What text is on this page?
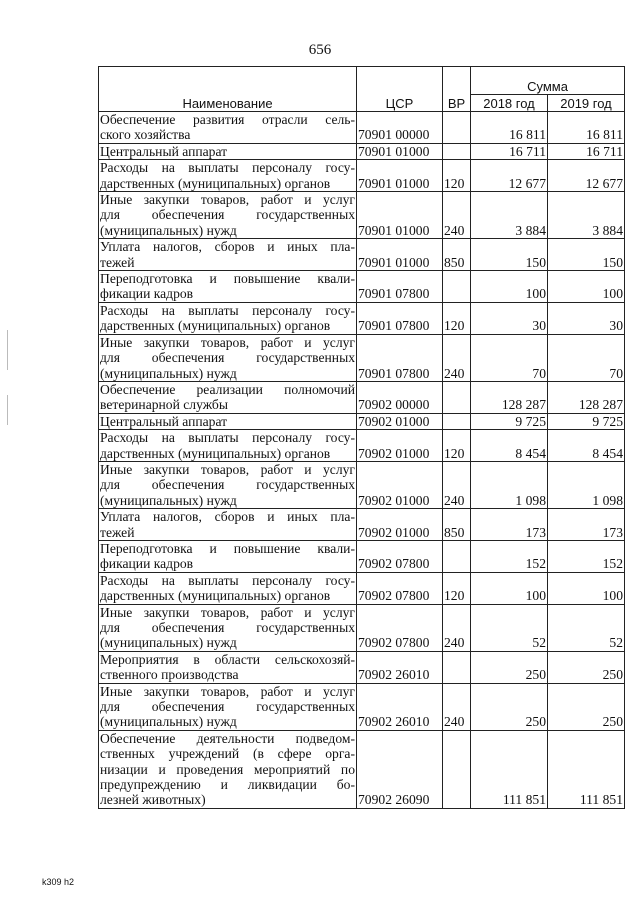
656
Наименование	ЦСР	ВР	Сумма	
			2018 год	2019 год

Обеспечение развития отрасли сель-
ского хозяйства	70901 00000		16 811	16 811

Центральный аппарат	70901 01000		16 711	16 711

Расходы на выплаты персоналу госу-
дарственных (муниципальных) органов	70901 01000	120	12 677	12 677

Иные закупки товаров, работ и услуг
для обеспечения государственных
(муниципальных) нужд	70901 01000	240	3 884	3 884

Уплата налогов, сборов и иных пла-
тежей	70901 01000	850	150	150

Переподготовка и повышение квали-
фикации кадров	70901 07800		100	100

Расходы на выплаты персоналу госу-
дарственных (муниципальных) органов	70901 07800	120	30	30

Иные закупки товаров, работ и услуг
для обеспечения государственных
(муниципальных) нужд	70901 07800	240	70	70

Обеспечение реализации полномочий
ветеринарной службы	70902 00000		128 287	128 287

Центральный аппарат	70902 01000		9 725	9 725

Расходы на выплаты персоналу госу-
дарственных (муниципальных) органов	70902 01000	120	8 454	8 454

Иные закупки товаров, работ и услуг
для обеспечения государственных
(муниципальных) нужд	70902 01000	240	1 098	1 098

Уплата налогов, сборов и иных пла-
тежей	70902 01000	850	173	173

Переподготовка и повышение квали-
фикации кадров	70902 07800		152	152

Расходы на выплаты персоналу госу-
дарственных (муниципальных) органов	70902 07800	120	100	100

Иные закупки товаров, работ и услуг
для обеспечения государственных
(муниципальных) нужд	70902 07800	240	52	52

Мероприятия в области сельскохозяй-
ственного производства	70902 26010		250	250

Иные закупки товаров, работ и услуг
для обеспечения государственных
(муниципальных) нужд	70902 26010	240	250	250

Обеспечение деятельности подведом-
ственных учреждений (в сфере орга-
низации и проведения мероприятий по
предупреждению и ликвидации бо-
лезней животных)	70902 26090		111 851	111 851
k309 h2
